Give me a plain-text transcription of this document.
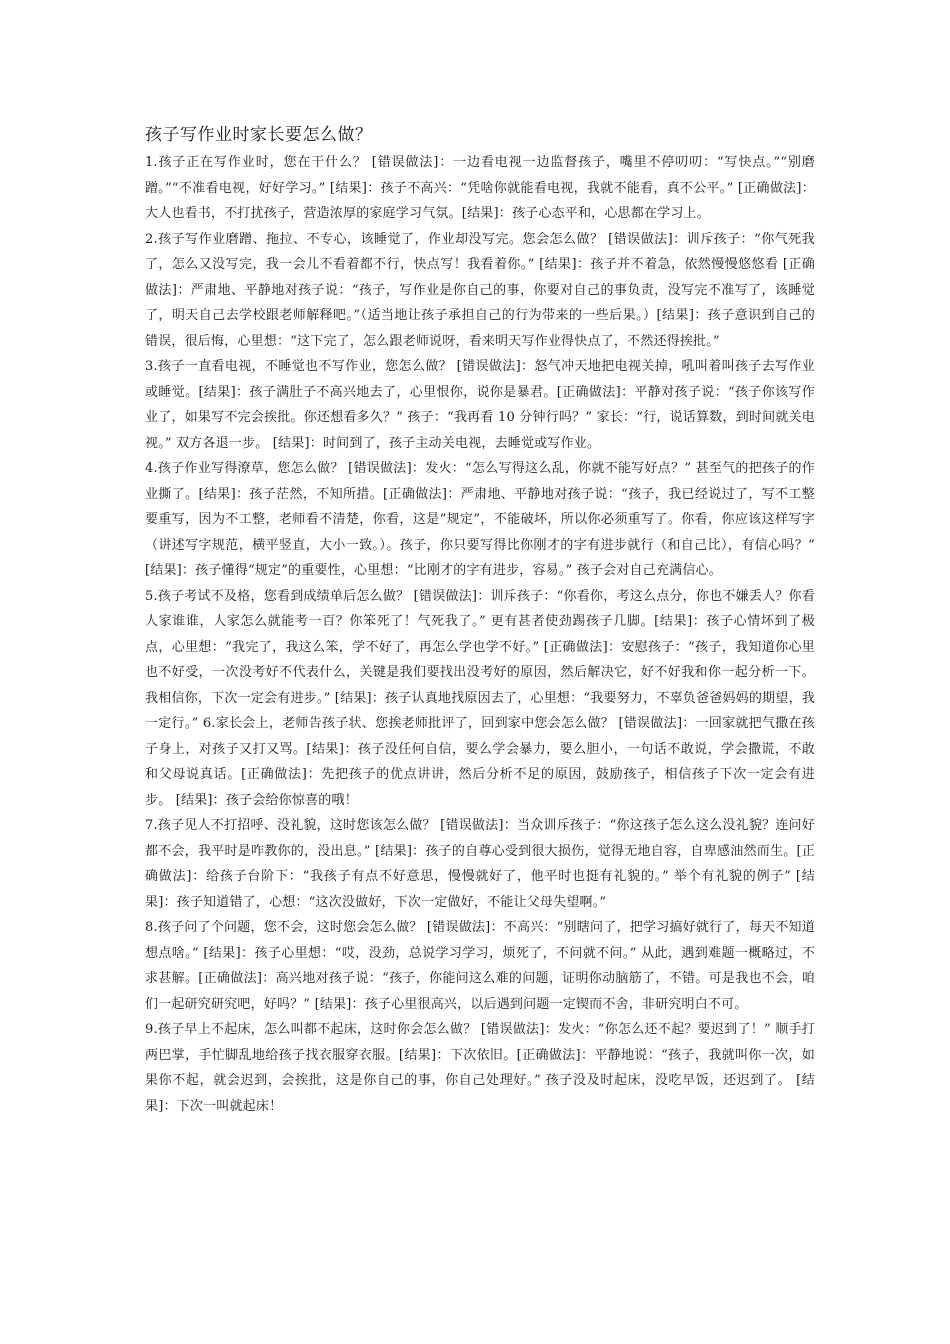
孩子写作业时家长要怎么做？

1.孩子正在写作业时，您在干什么？ [错误做法]：一边看电视一边监督孩子，嘴里不停叨叨：“写快点。”“别磨蹭。”“不准看电视，好好学习。” [结果]：孩子不高兴：“凭啥你就能看电视，我就不能看，真不公平。” [正确做法]：大人也看书，不打扰孩子，营造浓厚的家庭学习气氛。[结果]：孩子心态平和，心思都在学习上。

2.孩子写作业磨蹭、拖拉、不专心，该睡觉了，作业却没写完。您会怎么做？ [错误做法]：训斥孩子：“你气死我了，怎么又没写完，我一会儿不看着都不行，快点写！我看着你。” [结果]：孩子并不着急，依然慢慢悠悠看 [正确做法]：严肃地、平静地对孩子说：“孩子，写作业是你自己的事，你要对自己的事负责，没写完不准写了，该睡觉了，明天自己去学校跟老师解释吧。”（适当地让孩子承担自己的行为带来的一些后果。）[结果]：孩子意识到自己的错误，很后悔，心里想：“这下完了，怎么跟老师说呀，看来明天写作业得快点了，不然还得挨批。”

3.孩子一直看电视，不睡觉也不写作业，您怎么做？ [错误做法]：怒气冲天地把电视关掉，吼叫着叫孩子去写作业或睡觉。[结果]：孩子满肚子不高兴地去了，心里恨你，说你是暴君。[正确做法]：平静对孩子说：“孩子你该写作业了，如果写不完会挨批。你还想看多久？” 孩子：“我再看 10 分钟行吗？” 家长：“行，说话算数，到时间就关电视。” 双方各退一步。 [结果]：时间到了，孩子主动关电视，去睡觉或写作业。

4.孩子作业写得潦草，您怎么做？ [错误做法]：发火：“怎么写得这么乱，你就不能写好点？” 甚至气的把孩子的作业撕了。[结果]：孩子茫然，不知所措。[正确做法]：严肃地、平静地对孩子说：“孩子，我已经说过了，写不工整要重写，因为不工整，老师看不清楚，你看，这是“规定”，不能破坏，所以你必须重写了。你看，你应该这样写字（讲述写字规范，横平竖直，大小一致。）。孩子，你只要写得比你刚才的字有进步就行（和自己比），有信心吗？” [结果]：孩子懂得“规定”的重要性，心里想：“比刚才的字有进步，容易。” 孩子会对自己充满信心。

5.孩子考试不及格，您看到成绩单后怎么做？ [错误做法]：训斥孩子：“你看你，考这么点分，你也不嫌丢人？你看人家谁谁，人家怎么就能考一百？你笨死了！气死我了。” 更有甚者使劲踢孩子几脚。[结果]：孩子心情坏到了极点，心里想：“我完了，我这么笨，学不好了，再怎么学也学不好。” [正确做法]：安慰孩子：“孩子，我知道你心里也不好受，一次没考好不代表什么，关键是我们要找出没考好的原因，然后解决它，好不好我和你一起分析一下。我相信你，下次一定会有进步。” [结果]：孩子认真地找原因去了，心里想：“我要努力，不辜负爸爸妈妈的期望，我一定行。” 6.家长会上，老师告孩子状、您挨老师批评了，回到家中您会怎么做？ [错误做法]：一回家就把气撒在孩子身上，对孩子又打又骂。[结果]：孩子没任何自信，要么学会暴力，要么胆小，一句话不敢说，学会撒谎，不敢和父母说真话。[正确做法]：先把孩子的优点讲讲，然后分析不足的原因，鼓励孩子，相信孩子下次一定会有进步。 [结果]：孩子会给你惊喜的哦！

7.孩子见人不打招呼、没礼貌，这时您该怎么做？ [错误做法]：当众训斥孩子：“你这孩子怎么这么没礼貌？连问好都不会，我平时是咋教你的，没出息。” [结果]：孩子的自尊心受到很大损伤，觉得无地自容，自卑感油然而生。[正确做法]：给孩子台阶下：“我孩子有点不好意思，慢慢就好了，他平时也挺有礼貌的。” 举个有礼貌的例子” [结果]：孩子知道错了，心想：“这次没做好，下次一定做好，不能让父母失望啊。”

8.孩子问了个问题，您不会，这时您会怎么做？ [错误做法]：不高兴：“别瞎问了，把学习搞好就行了，每天不知道想点啥。” [结果]：孩子心里想：“哎，没劲，总说学习学习，烦死了，不问就不问。” 从此，遇到难题一概略过，不求甚解。[正确做法]：高兴地对孩子说：“孩子，你能问这么难的问题，证明你动脑筋了，不错。可是我也不会，咱们一起研究研究吧，好吗？” [结果]：孩子心里很高兴，以后遇到问题一定锲而不舍，非研究明白不可。

9.孩子早上不起床，怎么叫都不起床，这时你会怎么做？ [错误做法]：发火：“你怎么还不起？要迟到了！” 顺手打两巴掌，手忙脚乱地给孩子找衣服穿衣服。[结果]：下次依旧。[正确做法]：平静地说：“孩子，我就叫你一次，如果你不起，就会迟到，会挨批，这是你自己的事，你自己处理好。” 孩子没及时起床，没吃早饭，还迟到了。 [结果]：下次一叫就起床！
